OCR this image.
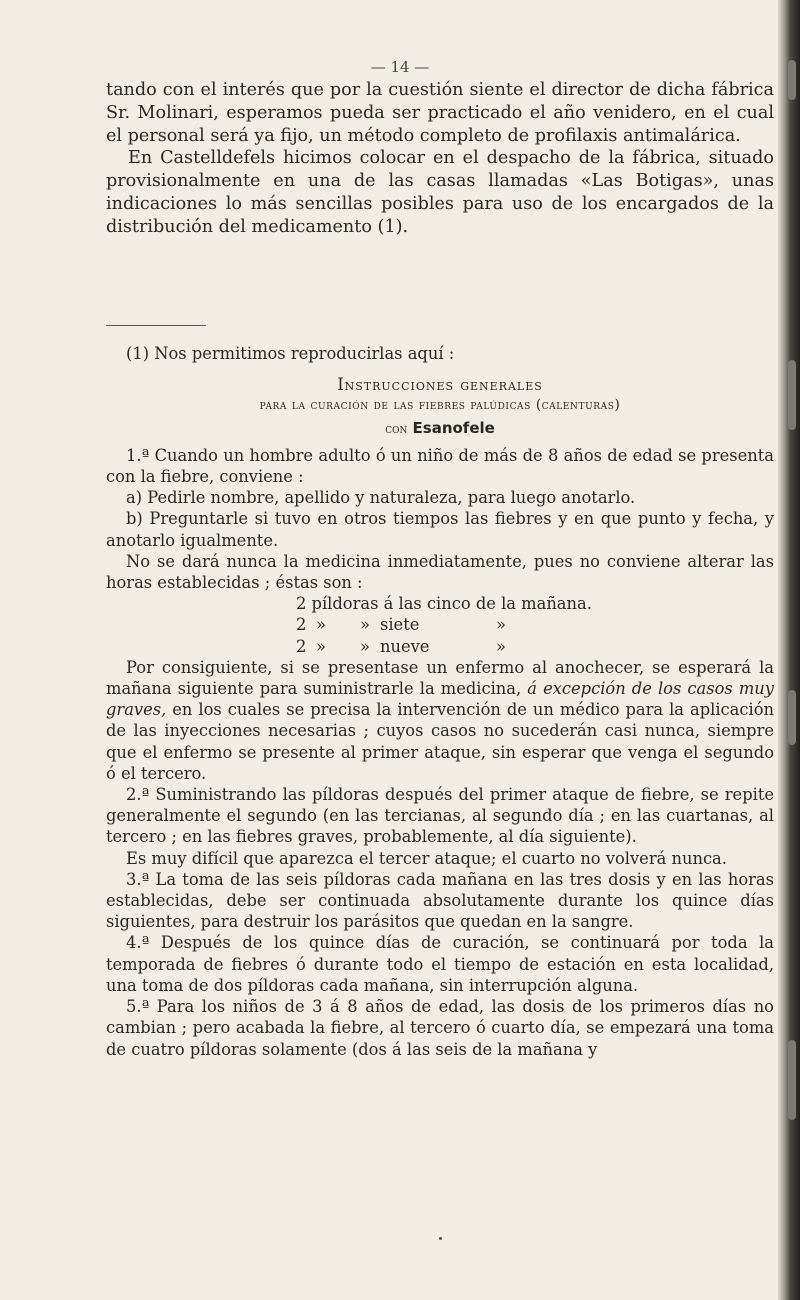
— 14 —

tando con el interés que por la cuestión siente el director de dicha fábrica Sr. Molinari, esperamos pueda ser practicado el año venidero, en el cual el personal será ya fijo, un método completo de profilaxis antimalárica.

En Castelldefels hicimos colocar en el despacho de la fábrica, situado provisionalmente en una de las casas llamadas «Las Botigas», unas indicaciones lo más sencillas posibles para uso de los encargados de la distribución del medicamento (1).

(1) Nos permitimos reproducirlas aquí :

Instrucciones generales

para la curación de las fiebres palúdicas (calenturas)

con Esanofele

1.ª Cuando un hombre adulto ó un niño de más de 8 años de edad se presenta con la fiebre, conviene :

a) Pedirle nombre, apellido y naturaleza, para luego anotarlo.

b) Preguntarle si tuvo en otros tiempos las fiebres y en que punto y fecha, y anotarlo igualmente.

No se dará nunca la medicina inmediatamente, pues no conviene alterar las horas establecidas ; éstas son :

2 píldoras á las cinco de la mañana.
2 » » siete	»
2 » » nueve	»

Por consiguiente, si se presentase un enfermo al anochecer, se esperará la mañana siguiente para suministrarle la medicina, á excepción de los casos muy graves, en los cuales se precisa la intervención de un médico para la aplicación de las inyecciones necesarias ; cuyos casos no sucederán casi nunca, siempre que el enfermo se presente al primer ataque, sin esperar que venga el segundo ó el tercero.

2.ª Suministrando las píldoras después del primer ataque de fiebre, se repite generalmente el segundo (en las tercianas, al segundo día ; en las cuartanas, al tercero ; en las fiebres graves, probablemente, al día siguiente).

Es muy difícil que aparezca el tercer ataque; el cuarto no volverá nunca.

3.ª La toma de las seis píldoras cada mañana en las tres dosis y en las horas establecidas, debe ser continuada absolutamente durante los quince días siguientes, para destruir los parásitos que quedan en la sangre.

4.ª Después de los quince días de curación, se continuará por toda la temporada de fiebres ó durante todo el tiempo de estación en esta localidad, una toma de dos píldoras cada mañana, sin interrupción alguna.

5.ª Para los niños de 3 á 8 años de edad, las dosis de los primeros días no cambian ; pero acabada la fiebre, al tercero ó cuarto día, se empezará una toma de cuatro píldoras solamente (dos á las seis de la mañana y
